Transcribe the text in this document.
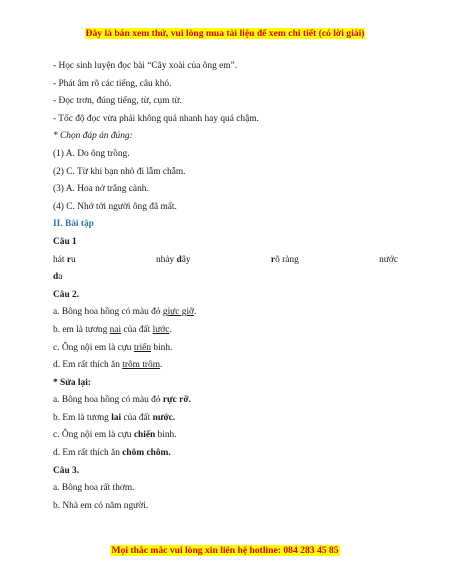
Đây là bản xem thử, vui lòng mua tài liệu để xem chi tiết (có lời giải)
- Học sinh luyện đọc bài “Cây xoài của ông em”.
- Phát âm rõ các tiếng, câu khó.
- Đọc trơn, đúng tiếng, từ, cụm từ.
- Tốc độ đọc vừa phải không quá nhanh hay quá chậm.
* Chọn đáp án đúng:
(1) A. Do ông trồng.
(2) C. Từ khi bạn nhỏ đi lẫm chẫm.
(3) A. Hoa nở trắng cành.
(4) C. Nhớ tới người ông đã mất.
II. Bài tập
Câu 1
hát ru	nhảy dây	rõ ràng	nước
da
Câu 2.
a. Bông hoa hồng có màu đỏ giực giỡ.
b. em là tương nai của đất lước.
c. Ông nội em là cựu triến binh.
d. Em rất thích ăn trôm trôm.
* Sửa lại:
a. Bông hoa hồng có màu đỏ rực rỡ.
b. Em là tương lai của đất nước.
c. Ông nội em là cựu chiến binh.
d. Em rất thích ăn chôm chôm.
Câu 3.
a. Bông hoa rất thơm.
b. Nhà em có năm người.
Mọi thắc mắc vui lòng xin liên hệ hotline: 084 283 45 85
